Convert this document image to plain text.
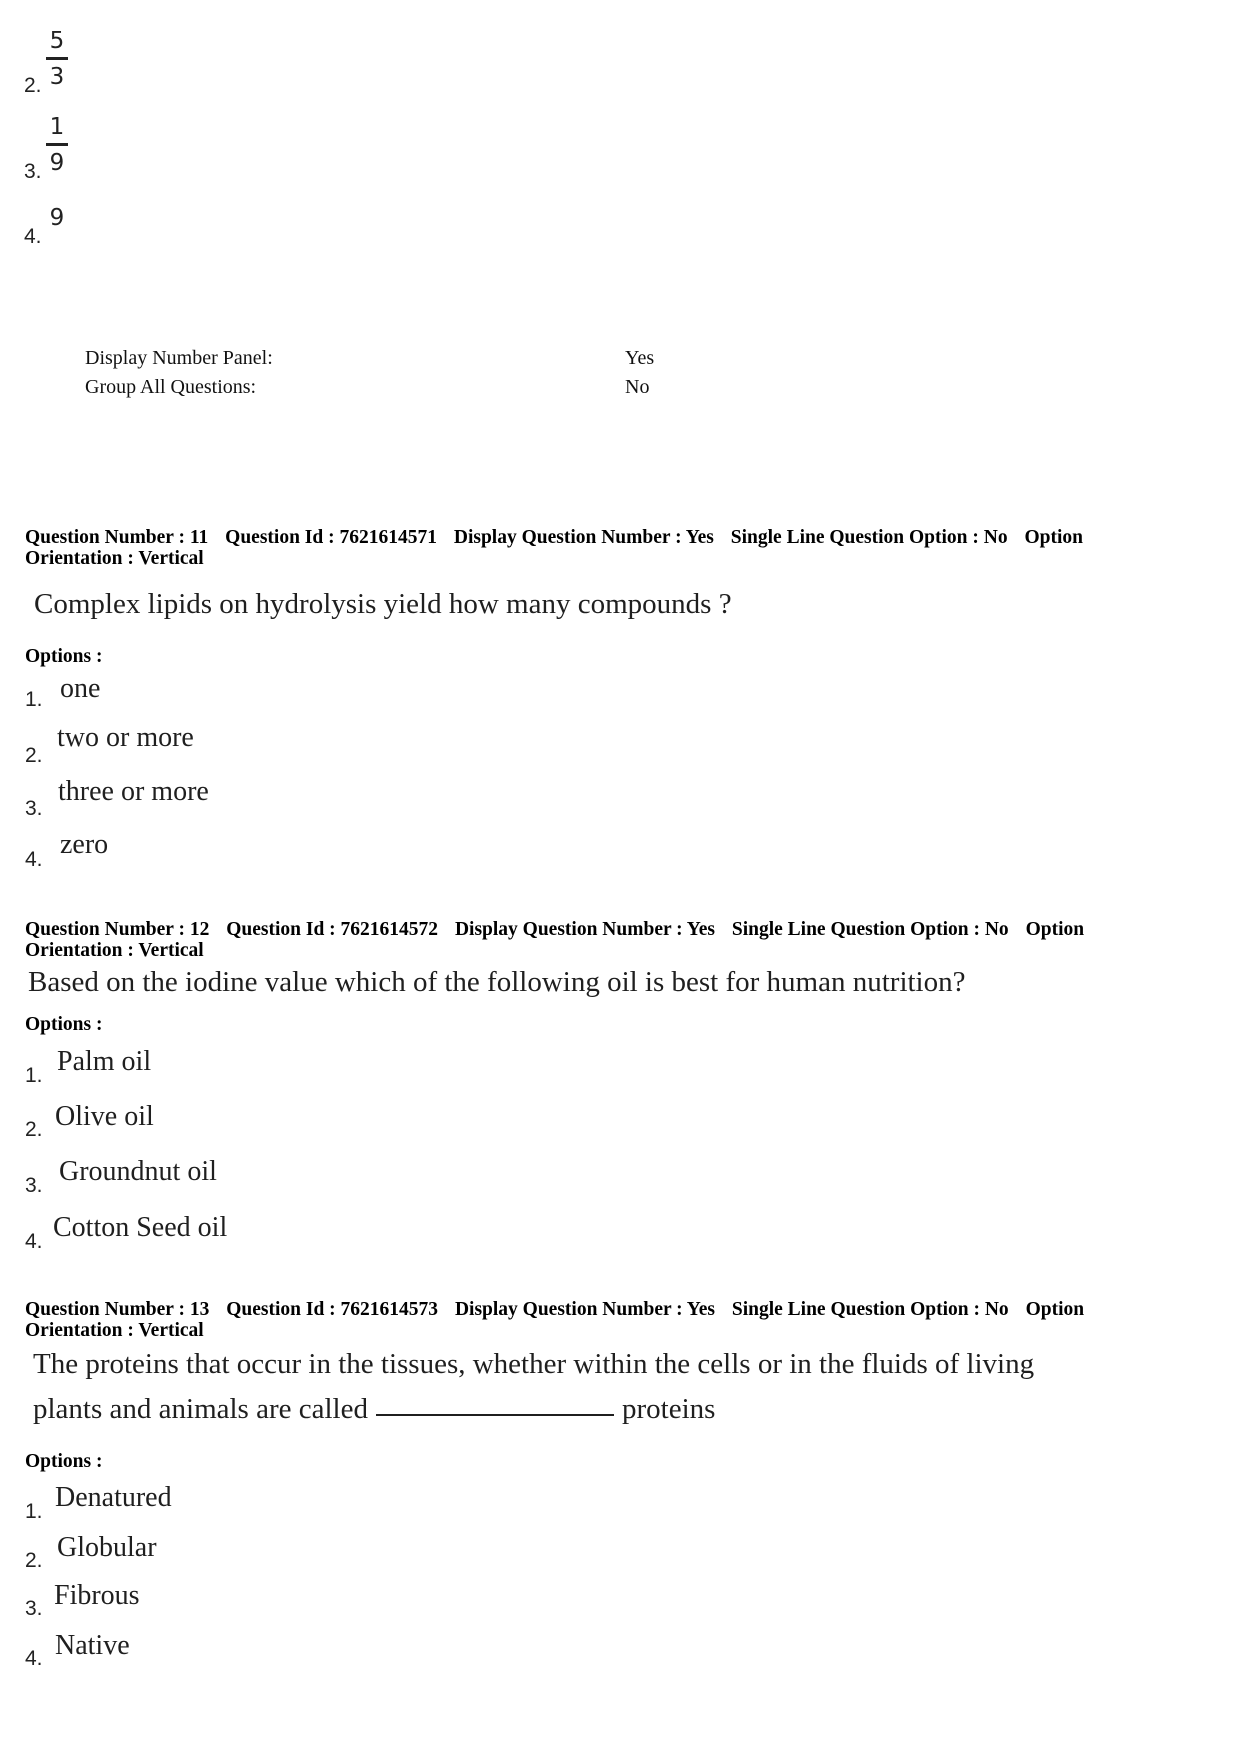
2.
5
3
3.
1
9
4.
9
Display Number Panel:	Yes
Group All Questions:	No
Question Number : 11 Question Id : 7621614571 Display Question Number : Yes Single Line Question Option : No Option
Orientation : Vertical
Complex lipids on hydrolysis yield how many compounds ?
Options :
1. one
2.
two or more
3.
three or more
4. zero
Question Number : 12 Question Id : 7621614572 Display Question Number : Yes Single Line Question Option : No Option
Orientation : Vertical
Based on the iodine value which of the following oil is best for human nutrition?
Options :
1. Palm oil
2. Olive oil
3. Groundnut oil
4. Cotton Seed oil
Question Number : 13 Question Id : 7621614573 Display Question Number : Yes Single Line Question Option : No Option
Orientation : Vertical
The proteins that occur in the tissues, whether within the cells or in the fluids of living
plants and animals are called	proteins
Options :
1. Denatured
2. Globular
3. Fibrous
4. Native
